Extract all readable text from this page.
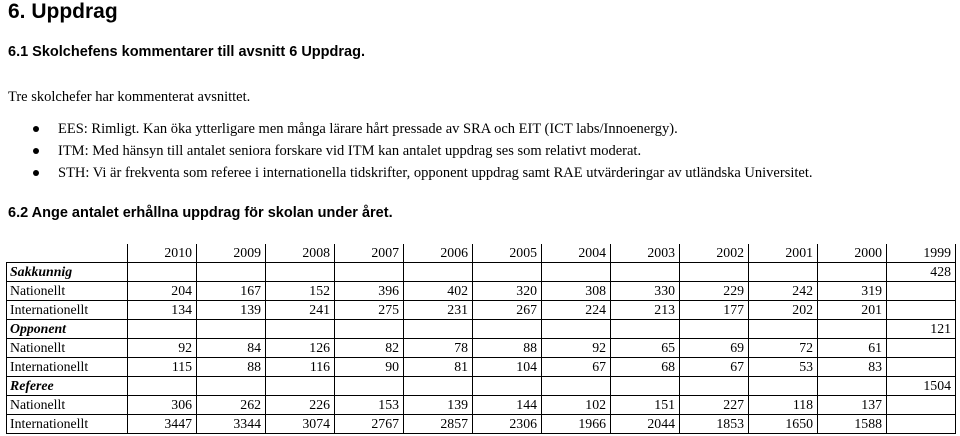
6. Uppdrag
6.1 Skolchefens kommentarer till avsnitt 6 Uppdrag.
Tre skolchefer har kommenterat avsnittet.
EES: Rimligt. Kan öka ytterligare men många lärare hårt pressade av SRA och EIT (ICT labs/Innoenergy).
ITM: Med hänsyn till antalet seniora forskare vid ITM kan antalet uppdrag ses som relativt moderat.
STH: Vi är frekventa som referee i internationella tidskrifter, opponent uppdrag samt RAE utvärderingar av utländska Universitet.
6.2 Ange antalet erhållna uppdrag för skolan under året.
	2010	2009	2008	2007	2006	2005	2004	2003	2002	2001	2000	1999
Sakkunnig												428
Nationellt	204	167	152	396	402	320	308	330	229	242	319	
Internationellt	134	139	241	275	231	267	224	213	177	202	201	
Opponent												121
Nationellt	92	84	126	82	78	88	92	65	69	72	61	
Internationellt	115	88	116	90	81	104	67	68	67	53	83	
Referee												1504
Nationellt	306	262	226	153	139	144	102	151	227	118	137	
Internationellt	3447	3344	3074	2767	2857	2306	1966	2044	1853	1650	1588	
